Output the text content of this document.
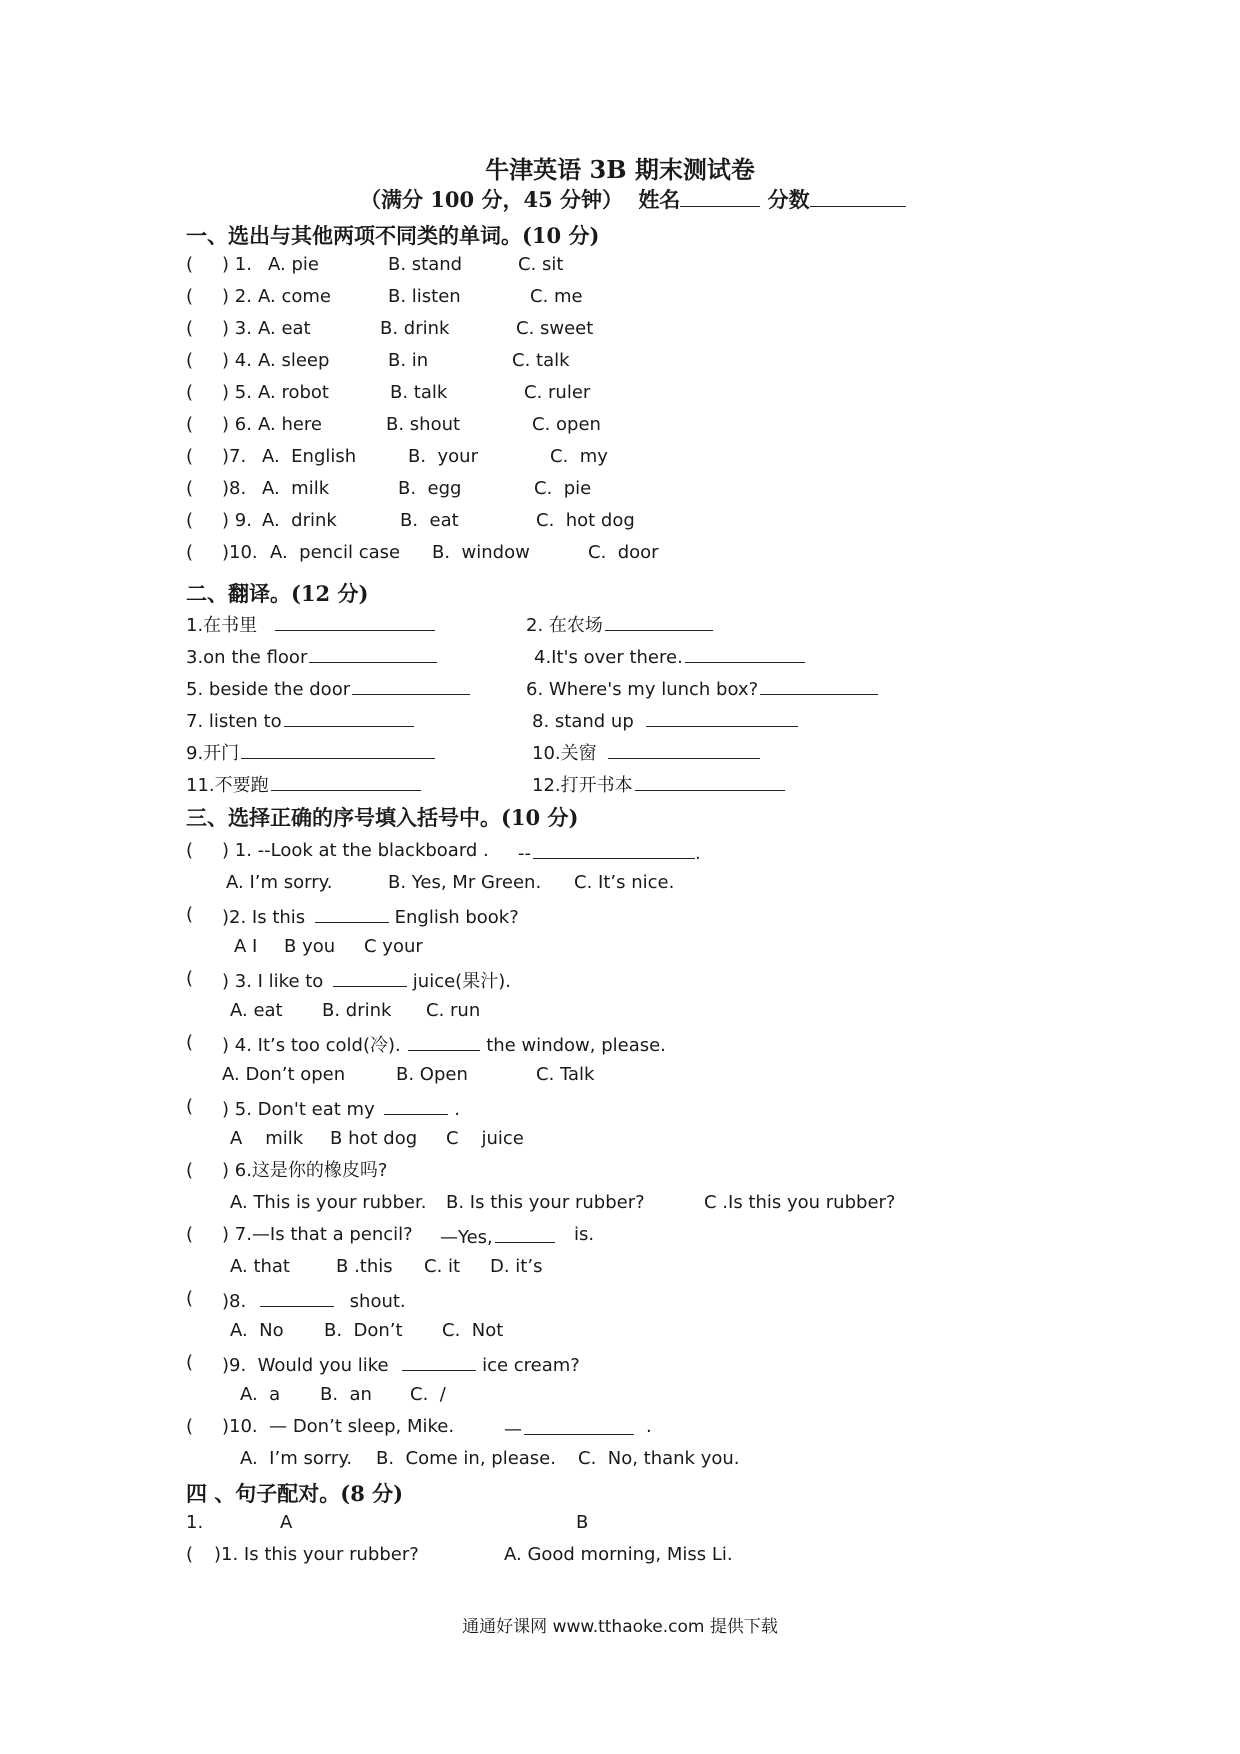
牛津英语 3B 期末测试卷
（满分 100 分，45 分钟） 姓名	分数
一、选出与其他两项不同类的单词。(10 分)
( ) 1. A. pie	B. stand	C. sit
( ) 2. A. come	B. listen	C. me
( ) 3. A. eat	B. drink	C. sweet
( ) 4. A. sleep	B. in	C. talk
( ) 5. A. robot	B. talk	C. ruler
( ) 6. A. here	B. shout	C. open
( )7. A.  English	B.  your	C.  my
( )8. A.  milk	B.  egg	C.  pie
( ) 9. A.  drink	B.  eat	C.  hot dog
( )10. A.  pencil case B.  window	C.  door
二、翻译。(12 分)
1.在书里	2. 在农场
3.on the floor	4.It's over there.
5. beside the door	6. Where's my lunch box?
7. listen to	8. stand up
9.开门	10.关窗
11.不要跑	12.打开书本
三、选择正确的序号填入括号中。(10 分)
( ) 1. --Look at the blackboard . --	.
A. I’m sorry.	B. Yes, Mr Green. C. It’s nice.
( )2. Is this	English book?
A I B you C your
( ) 3. I like to	juice(果汁).
A. eat B. drink C. run
( ) 4. It’s too cold(冷).	the window, please.
A. Don’t open	B. Open	C. Talk
( ) 5. Don't eat my	.
A    milk B hot dog C    juice
( ) 6.这是你的橡皮吗?
A. This is your rubber. B. Is this your rubber?	C .Is this you rubber?
( ) 7.—Is that a pencil? —Yes,	is.
A. that	B .this C. it D. it’s
( )8.	shout.
A.  No B.  Don’t C.  Not
( )9.  Would you like	ice cream?
A.  a B.  an C.  /
( )10.  — Don’t sleep, Mike.	—	.
A.  I’m sorry. B.  Come in, please. C.  No, thank you.
四 、句子配对。(8 分)
1.	A	B
( )1. Is this your rubber?	A. Good morning, Miss Li.
通通好课网 www.tthaoke.com 提供下载
